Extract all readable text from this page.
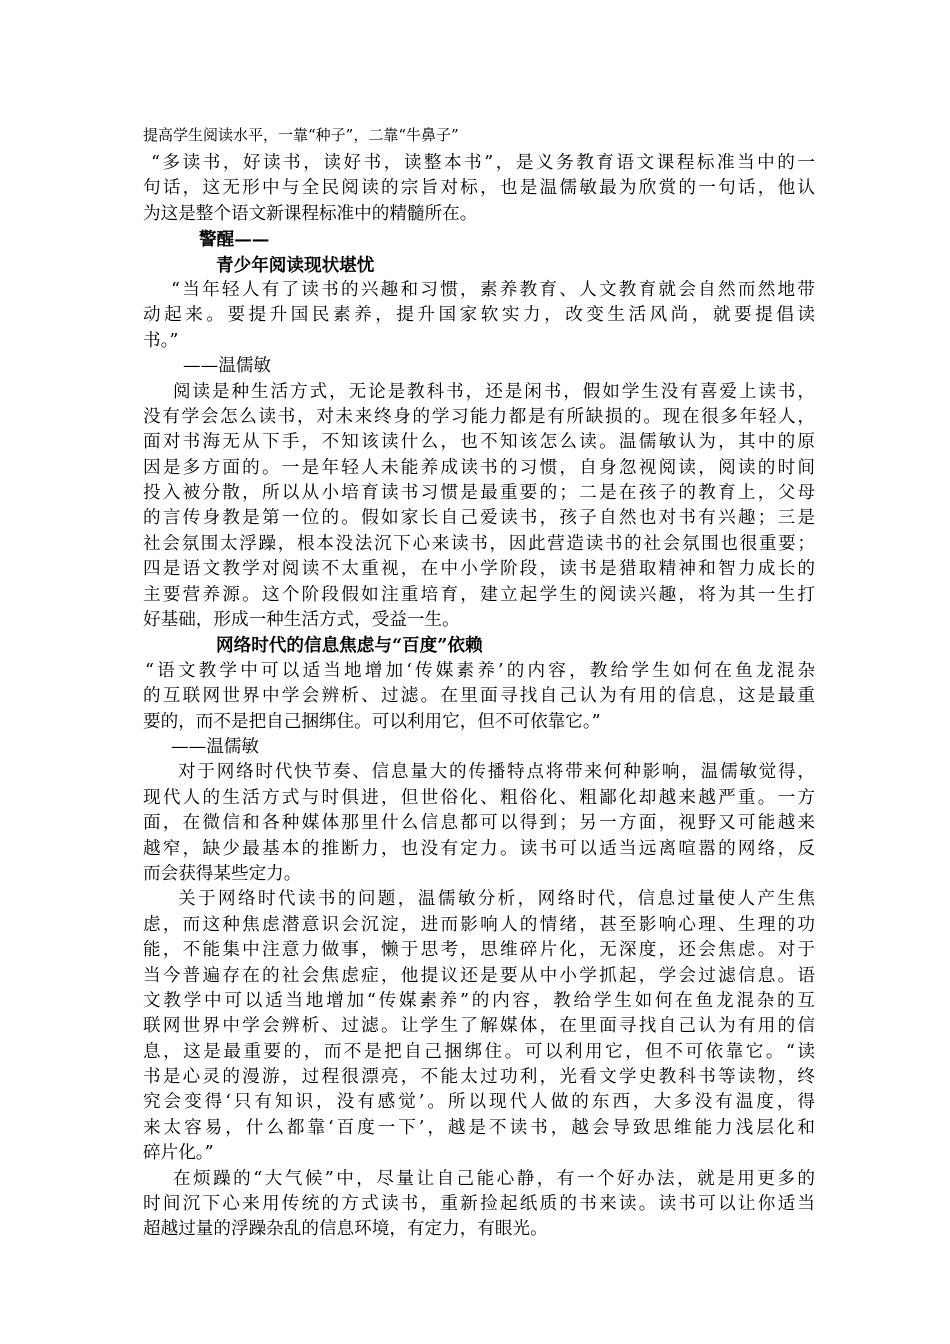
提高学生阅读水平，一靠“种子”，二靠“牛鼻子”
“多读书，好读书，读好书，读整本书”，是义务教育语文课程标准当中的一
句话，这无形中与全民阅读的宗旨对标，也是温儒敏最为欣赏的一句话，他认
为这是整个语文新课程标准中的精髓所在。
警醒——
青少年阅读现状堪忧
“当年轻人有了读书的兴趣和习惯，素养教育、人文教育就会自然而然地带
动起来。要提升国民素养，提升国家软实力，改变生活风尚，就要提倡读
书。”
——温儒敏
阅读是种生活方式，无论是教科书，还是闲书，假如学生没有喜爱上读书，
没有学会怎么读书，对未来终身的学习能力都是有所缺损的。现在很多年轻人，
面对书海无从下手，不知该读什么，也不知该怎么读。温儒敏认为，其中的原
因是多方面的。一是年轻人未能养成读书的习惯，自身忽视阅读，阅读的时间
投入被分散，所以从小培育读书习惯是最重要的；二是在孩子的教育上，父母
的言传身教是第一位的。假如家长自己爱读书，孩子自然也对书有兴趣；三是
社会氛围太浮躁，根本没法沉下心来读书，因此营造读书的社会氛围也很重要；
四是语文教学对阅读不太重视，在中小学阶段，读书是猎取精神和智力成长的
主要营养源。这个阶段假如注重培育，建立起学生的阅读兴趣，将为其一生打
好基础，形成一种生活方式，受益一生。
网络时代的信息焦虑与“百度”依赖
“语文教学中可以适当地增加‘传媒素养’的内容，教给学生如何在鱼龙混杂
的互联网世界中学会辨析、过滤。在里面寻找自己认为有用的信息，这是最重
要的，而不是把自己捆绑住。可以利用它，但不可依靠它。”
——温儒敏
对于网络时代快节奏、信息量大的传播特点将带来何种影响，温儒敏觉得，
现代人的生活方式与时俱进，但世俗化、粗俗化、粗鄙化却越来越严重。一方
面，在微信和各种媒体那里什么信息都可以得到；另一方面，视野又可能越来
越窄，缺少最基本的推断力，也没有定力。读书可以适当远离喧嚣的网络，反
而会获得某些定力。
关于网络时代读书的问题，温儒敏分析，网络时代，信息过量使人产生焦
虑，而这种焦虑潜意识会沉淀，进而影响人的情绪，甚至影响心理、生理的功
能，不能集中注意力做事，懒于思考，思维碎片化，无深度，还会焦虑。对于
当今普遍存在的社会焦虑症，他提议还是要从中小学抓起，学会过滤信息。语
文教学中可以适当地增加“传媒素养”的内容，教给学生如何在鱼龙混杂的互
联网世界中学会辨析、过滤。让学生了解媒体，在里面寻找自己认为有用的信
息，这是最重要的，而不是把自己捆绑住。可以利用它，但不可依靠它。“读
书是心灵的漫游，过程很漂亮，不能太过功利，光看文学史教科书等读物，终
究会变得‘只有知识，没有感觉’。所以现代人做的东西，大多没有温度，得
来太容易，什么都靠‘百度一下’，越是不读书，越会导致思维能力浅层化和
碎片化。”
在烦躁的“大气候”中，尽量让自己能心静，有一个好办法，就是用更多的
时间沉下心来用传统的方式读书，重新捡起纸质的书来读。读书可以让你适当
超越过量的浮躁杂乱的信息环境，有定力，有眼光。
